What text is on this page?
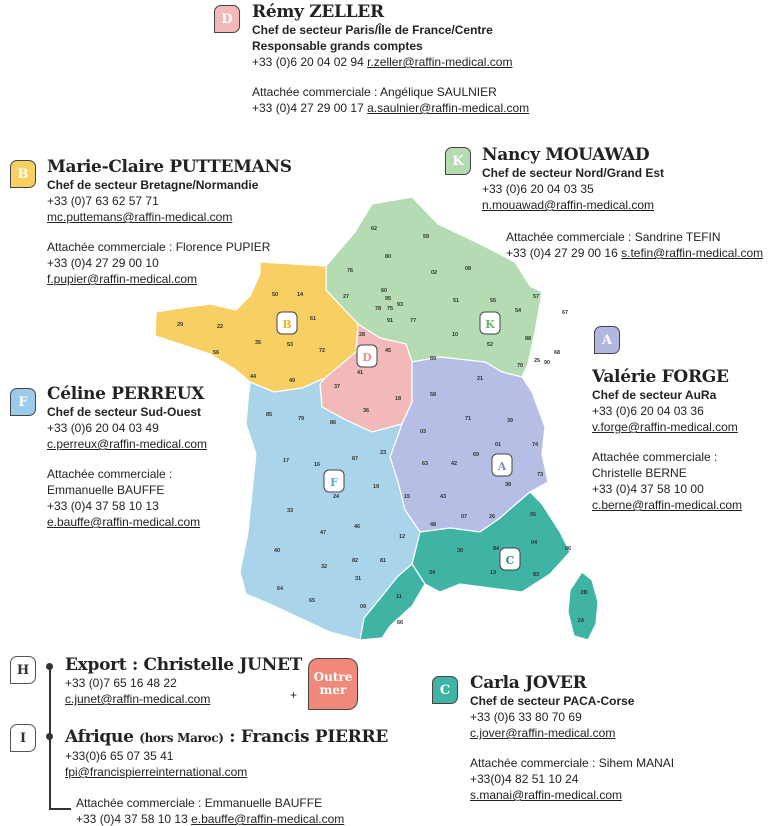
D	Rémy ZELLER
Chef de secteur Paris/Île de France/Centre
Responsable grands comptes
+33 (0)6 20 04 02 94 r.zeller@raffin-medical.com
Attachée commerciale : Angélique SAULNIER
+33 (0)4 27 29 00 17 a.saulnier@raffin-medical.com
B	Marie-Claire PUTTEMANS
Chef de secteur Bretagne/Normandie
+33 (0)7 63 62 57 71
mc.puttemans@raffin-medical.com
Attachée commerciale : Florence PUPIER
+33 (0)4 27 29 00 10
f.pupier@raffin-medical.com
K	Nancy MOUAWAD
Chef de secteur Nord/Grand Est
+33 (0)6 20 04 03 35
n.mouawad@raffin-medical.com
Attachée commerciale : Sandrine TEFIN
+33 (0)4 27 29 00 16 s.tefin@raffin-medical.com
F	Céline PERREUX
Chef de secteur Sud-Ouest
+33 (0)6 20 04 03 49
c.perreux@raffin-medical.com
Attachée commerciale :
Emmanuelle BAUFFE
+33 (0)4 37 58 10 13
e.bauffe@raffin-medical.com
A
Valérie FORGE
Chef de secteur AuRa
+33 (0)6 20 04 03 36
v.forge@raffin-medical.com
Attachée commerciale :
Christelle BERNE
+33 (0)4 37 58 10 00
c.berne@raffin-medical.com
C	Carla JOVER
Chef de secteur PACA-Corse
+33 (0)6 33 80 70 69
c.jover@raffin-medical.com
Attachée commerciale : Sihem MANAI
+33(0)4 82 51 10 24
s.manai@raffin-medical.com
H
I
Export : Christelle JUNET
+33 (0)7 65 16 48 22
c.junet@raffin-medical.com	+
Outre
mer
Afrique (hors Maroc) : Francis PIERRE
+33(0)6 65 07 35 41
fpi@francispierreinternational.com
Attachée commerciale : Emmanuelle BAUFFE
+33 (0)4 37 58 10 13 e.bauffe@raffin-medical.com
62
59
80
02
08
76
14	27
60
95
78 75
93
77
51	55
57
67
54
88
68
50
61
28
91
10
52
29	22
35	53
72
56
44
49
37
45
41
18
89
21
70
25 90
58
71	39
85
79
86
36
03
63	42
69
01	74
73
38
17
16
87
23
19
15	43
07	26	05
04
06
24
33
47
46
12
48
30	84
13	83
40
82	81
34
32
64
65
31
09
11
66
2B
2A
B
D
K
A
F
C
